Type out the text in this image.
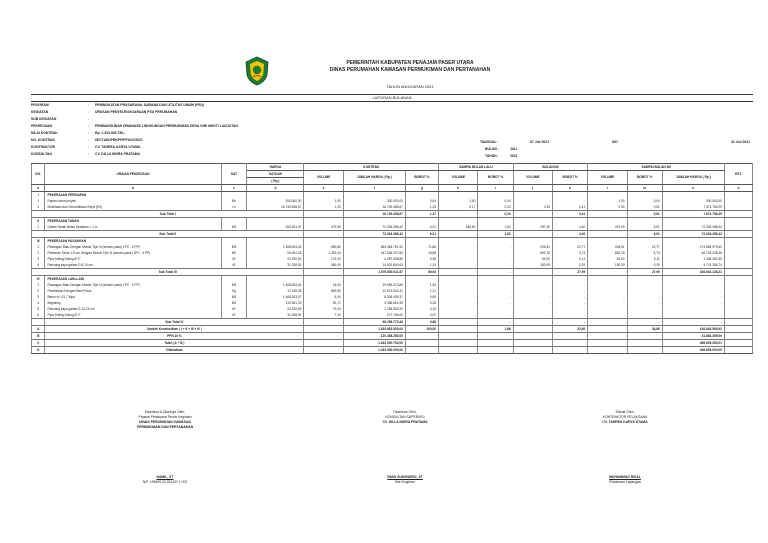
PEMERINTAH KABUPATEN PENAJAM PASER UTARA
DINAS PERUMAHAN KAWASAN PERMUKIMAN DAN PERTANAHAN
TAHUN ANGGARAN 2021
LAPORAN BULANAN
PROGRAM	: PENINGKATAN PRASARANA, SARANA DAN UTILITAS UMUM (PSU)
KEGIATAN	: URUSAN PENYELENGGARAAN PSU PERUMAHAN
SUB KEGIATAN	:
PEKERJAAN	: PEMBANGUNAN DRAINASE LINGKUNGAN PERMUKIMAN DESA GIRI MUKTI LANJUTAN
NILAI KONTRAK	: Rp. 1.333.900.750,-
NO. KONTRAK	: 667/718/DPRKPP/PPU/VI/2021
KONTRAKTOR	: CV. TAHREA KARYA UTAMA
KONSULTAN	: CV. DILLA INDRA PRATAMA
TANGGAL :	07 Juli 2021	S/D	31 Juli 2021
BULAN :	JULI
TAHUN :	2021
NO.	URAIAN PEKERJAAN	SAT	HARGA	KONTRAK			SAMPAI BULAN LALU		BULAN INI		SAMPAI BULAN INI			KET.
			SATUAN	VOLUME	JUMLAH HARGA ( Rp.)	BOBOT %	VOLUME	BOBOT %	VOLUME	BOBOT %	VOLUME	BOBOT %	JUMLAH HARGA ( Rp.)	
			( Rp.)											
a	b	c	d	e	f	g	h	i	j	k	l	m	n	o
I	PEKERJAAN PERSIAPAN													
1	Papan nama proyek	Bh	300.000,00	1,00	300.000,00	0,04	1,00	0,04	-	-	1,00	0,04	300.000,00	
2	Mobilisasi dan Demobilisasi Kerja (K3)	Ls	16.749.458,67	1,00	16.749.458,67	1,23	0,17	0,20	0,33	0,41	0,50	0,61	7.374.756,29	
Sub Total I					16.749.458,67	1,27		0,20		0,41		0,61	7.674.756,29	
II	PEKERJAAN TANAH													
1	Galian Tanah Biasa Sedalam > 1 m	M3	153.251,47	475,90	72.334.286,42	6,01	186,60	1,62	287,30	4,40	475,90	6,01	72.334.286,42	
Sub Total II					72.334.286,42	6,01		1,62		4,40		6,01	72.334.286,42	
III	PEKERJAAN PASANGAN													
1	Pasangan Batu Dengan Mortar Tipe N (semen-pasir) 1PC : 4 PP)	M3	1.308.054,40	650,80	864.384.781,52	71,86	-	-	206,51	22,77	206,51	22,77	273.855.973,62	
2	Plesteran Tebal 1,5 cm Dengan Mortar Tipe N (semen-pasir) 1PC : 4 PP)	M2	94.094,28	1.391,04	187.536.470,53	15,88	-	-	652,78	4,73	652,78	4,73	46.718.238,46	
3	Pipa Suling-Suling Ø 2"	M'	24.780,60	174,00	4.287.908,80	0,36	-	-	54,00	0,11	54,00	0,11	1.338.452,39	
4	Pancang kayu galam D 8-10 cm	M'	31.038,00	480,00	14.901.840,00	1,24	-	-	150,09	0,39	150,09	0,39	4.731.286,74	
Sub Total III					1.070.800.011,57	89,04		-		27,99		27,99	326.643.128,21	
IV	PEKERJAAN LAIN-LAIN													
1	Pasangan Batu Dengan Mortar Tipe N (semen-pasir) 1PC : 4 PP)	M3	1.308.054,40	15,00	19.596.373,80	1,53	-	-	-	-	-	-	-	
2	Pembesian Dengan Besi Polos	Kg	17.148,35	849,90	14.574.940,31	1,21	-	-	-	-	-	-	-	
3	Beton fc'=21.7 Mpa	M3	1.468.203,07	5,04	8.336.499,37	0,69	-	-	-	-	-	-	-	
4	Begisting	M2	110.351,33	30,72	3.386.651,95	0,28	-	-	-	-	-	-	-	
5	Pancang kayu galam D 10-15 cm	M'	24.780,60	72,00	1.784.563,20	0,15	-	-	-	-	-	-	-	
6	Pipa Suling-Suling Ø 2"	M'	31.038,00	7,00	217.766,00	0,02	-	-	-	-	-	-	-	
	Sub Total IV				48.296.773,49	3,68		-		-		-	-	
A	Jumlah Keseluruhan ( I + II + III + IV )				1.203.682.530,00	100,00		1,86		32,80		34,66	416.843.590,92	
B	PPN 10 %				120.368.253,00								41.684.359,09	
C	Total ( A + B )				1.333.900.750,00								458.699.450,01	
D	Dibulatkan				1.333.900.000,00								458.699.000,00	
Diperiksa & Disetujui Oleh,
Pejabat Pelaksana Teknis Kegiatan
DINAS PERUMAHAN KAWASAN
PERMUKIMAN DAN PERTANAHAN
HAMIL, ST
NIP. 198409 03 201101 1 002
Diperiksa Oleh,
KONSULTAN SUPERVISI
CV. DILLA INDRA PRATAMA
IWAN SUKENDRO, ST
Site Engineer
Dibuat Oleh,
KONTRAKTOR PELAKSANA
CV. TAHREA KARYA UTAMA
MUHAMMAD RISAL
Pelaksana Lapangan
